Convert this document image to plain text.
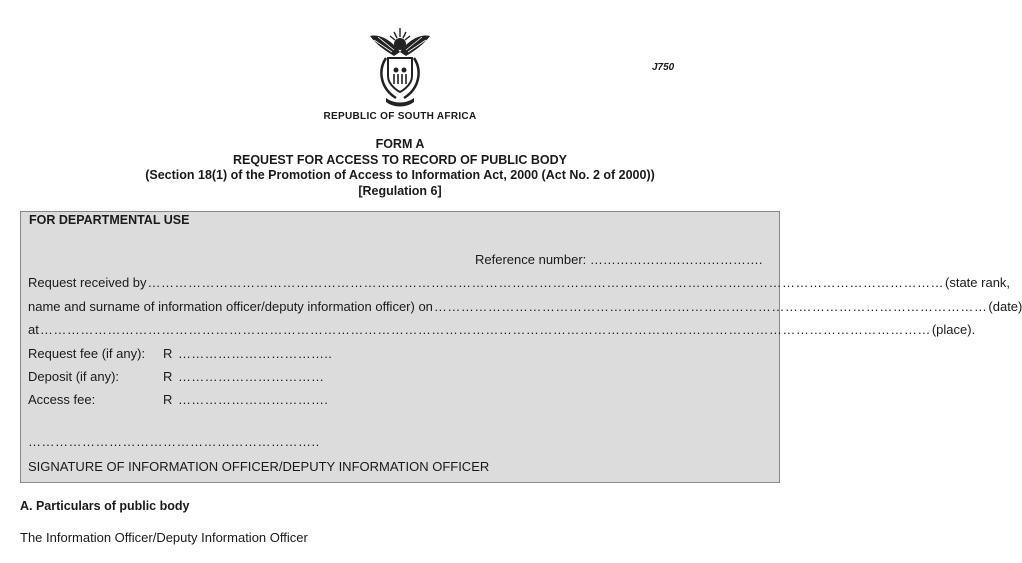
J750
REPUBLIC OF SOUTH AFRICA
FORM A
REQUEST FOR ACCESS TO RECORD OF PUBLIC BODY
(Section 18(1) of the Promotion of Access to Information Act, 2000 (Act No. 2 of 2000))
[Regulation 6]
FOR DEPARTMENTAL USE
Reference number: ………………………………….
Request received by …………………………………………………………………………………………………………………………………………………………… (state rank,
name and surname of information officer/deputy information officer) on …………………………………………………………………………………………………………… (date)
at ……………………………………………………………………………………………………………………………………………………………………………… (place).
Request fee (if any): R ……………………………..
Deposit (if any):	R ……………………………
Access fee:	R …………………………….
………………………………………………………..
SIGNATURE OF INFORMATION OFFICER/DEPUTY INFORMATION OFFICER
A. Particulars of public body
The Information Officer/Deputy Information Officer
